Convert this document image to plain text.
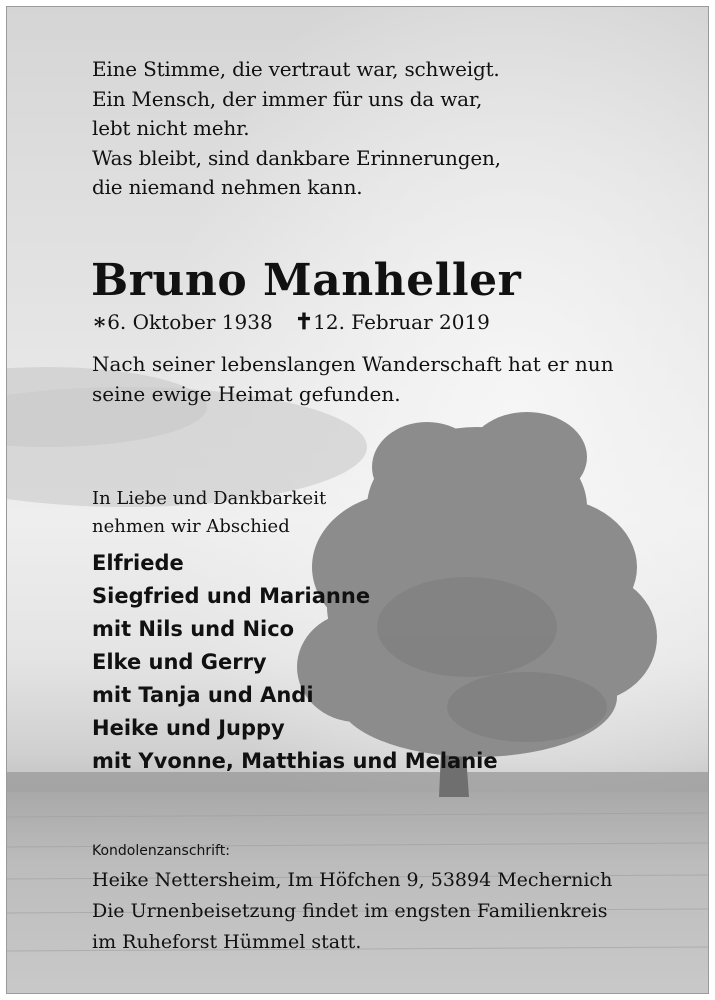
Eine Stimme, die vertraut war, schweigt.
Ein Mensch, der immer für uns da war,
lebt nicht mehr.
Was bleibt, sind dankbare Erinnerungen,
die niemand nehmen kann.
Bruno Manheller
∗6. Oktober 1938 ✝12. Februar 2019
Nach seiner lebenslangen Wanderschaft hat er nun
seine ewige Heimat gefunden.
In Liebe und Dankbarkeit
nehmen wir Abschied
Elfriede
Siegfried und Marianne
mit Nils und Nico
Elke und Gerry
mit Tanja und Andi
Heike und Juppy
mit Yvonne, Matthias und Melanie
Kondolenzanschrift:
Heike Nettersheim, Im Höfchen 9, 53894 Mechernich
Die Urnenbeisetzung findet im engsten Familienkreis
im Ruheforst Hümmel statt.
